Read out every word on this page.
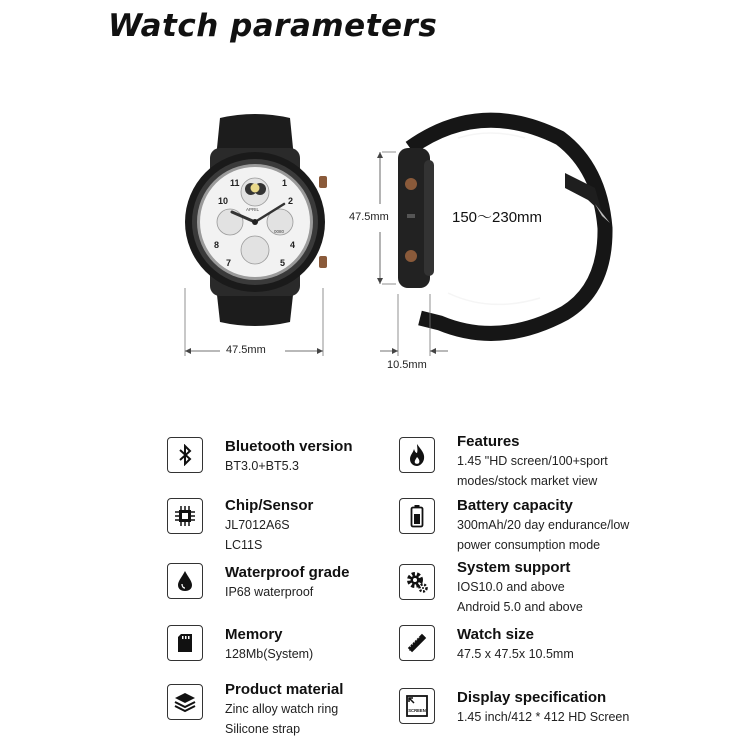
Watch parameters
10
11	1
2
4
5
7
8
APRIL
0080
47.5mm
47.5mm
10.5mm
150～230mm
Bluetooth version
BT3.0+BT5.3
Features
1.45 "HD screen/100+sport
modes/stock market view
Chip/Sensor
JL7012A6S
LC11S
Battery capacity
300mAh/20 day endurance/low
power consumption mode
Waterproof grade
IP68 waterproof
System support
IOS10.0 and above
Android 5.0 and above
Memory
128Mb(System)
Watch size
47.5 x 47.5x 10.5mm
Product material
Zinc alloy watch ring
Silicone strap
SCREEN
Display specification
1.45 inch/412 * 412 HD Screen
